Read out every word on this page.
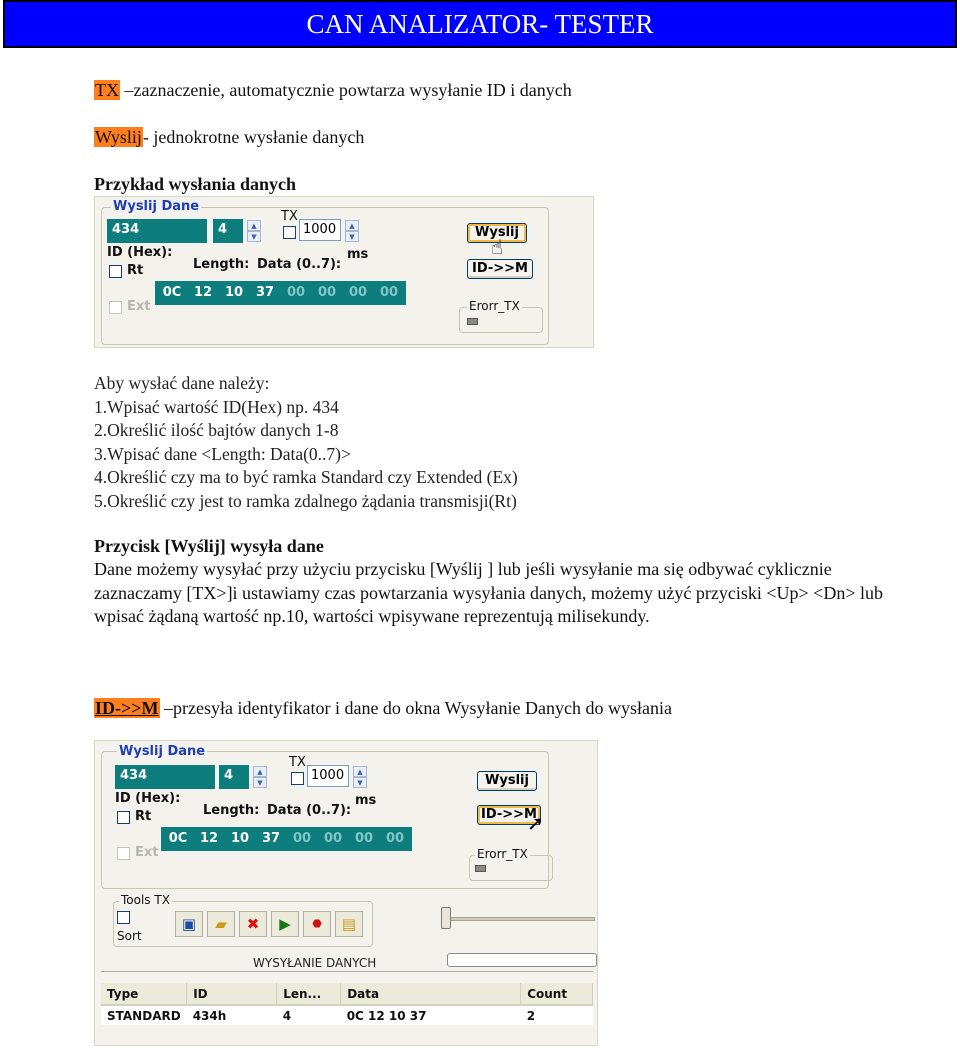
CAN ANALIZATOR- TESTER
TX –zaznaczenie, automatycznie powtarza wysyłanie ID i danych
Wyslij- jednokrotne wysłanie danych
Przykład wysłania danych
Wyslij Dane
434	4	▲
▼
TX
1000	▲
▼
ms
ID (Hex):
Rt	Length: Data (0..7):
0C 12 10 37 00 00 00 00
Ext
Wyslij
ID->>M
☝
Erorr_TX
Aby wysłać dane należy:
1.Wpisać wartość ID(Hex) np. 434
2.Określić ilość bajtów danych 1-8
3.Wpisać dane <Length: Data(0..7)>
4.Określić czy ma to być ramka Standard czy Extended (Ex)
5.Określić czy jest to ramka zdalnego żądania transmisji(Rt)
Przycisk [Wyślij] wysyła dane
Dane możemy wysyłać przy użyciu przycisku [Wyślij ] lub jeśli wysyłanie ma się odbywać cyklicznie zaznaczamy [TX>]i ustawiamy czas powtarzania wysyłania danych, możemy użyć przyciski <Up> <Dn> lub wpisać żądaną wartość np.10, wartości wpisywane reprezentują milisekundy.
ID->>M –przesyła identyfikator i dane do okna Wysyłanie Danych do wysłania
Wyslij Dane
434	4	▲
▼
TX
1000	▲
▼
ms
ID (Hex):
Rt	Length: Data (0..7):
0C 12 10 37 00 00 00 00
Ext
Wyslij
ID->>M
➚
Erorr_TX
Tools TX
Sort
▣	▰	✖	▶	⬣	▤
WYSYŁANIE DANYCH
Type	ID	Len...	Data	Count
STANDARD	434h	4	0C 12 10 37	2
